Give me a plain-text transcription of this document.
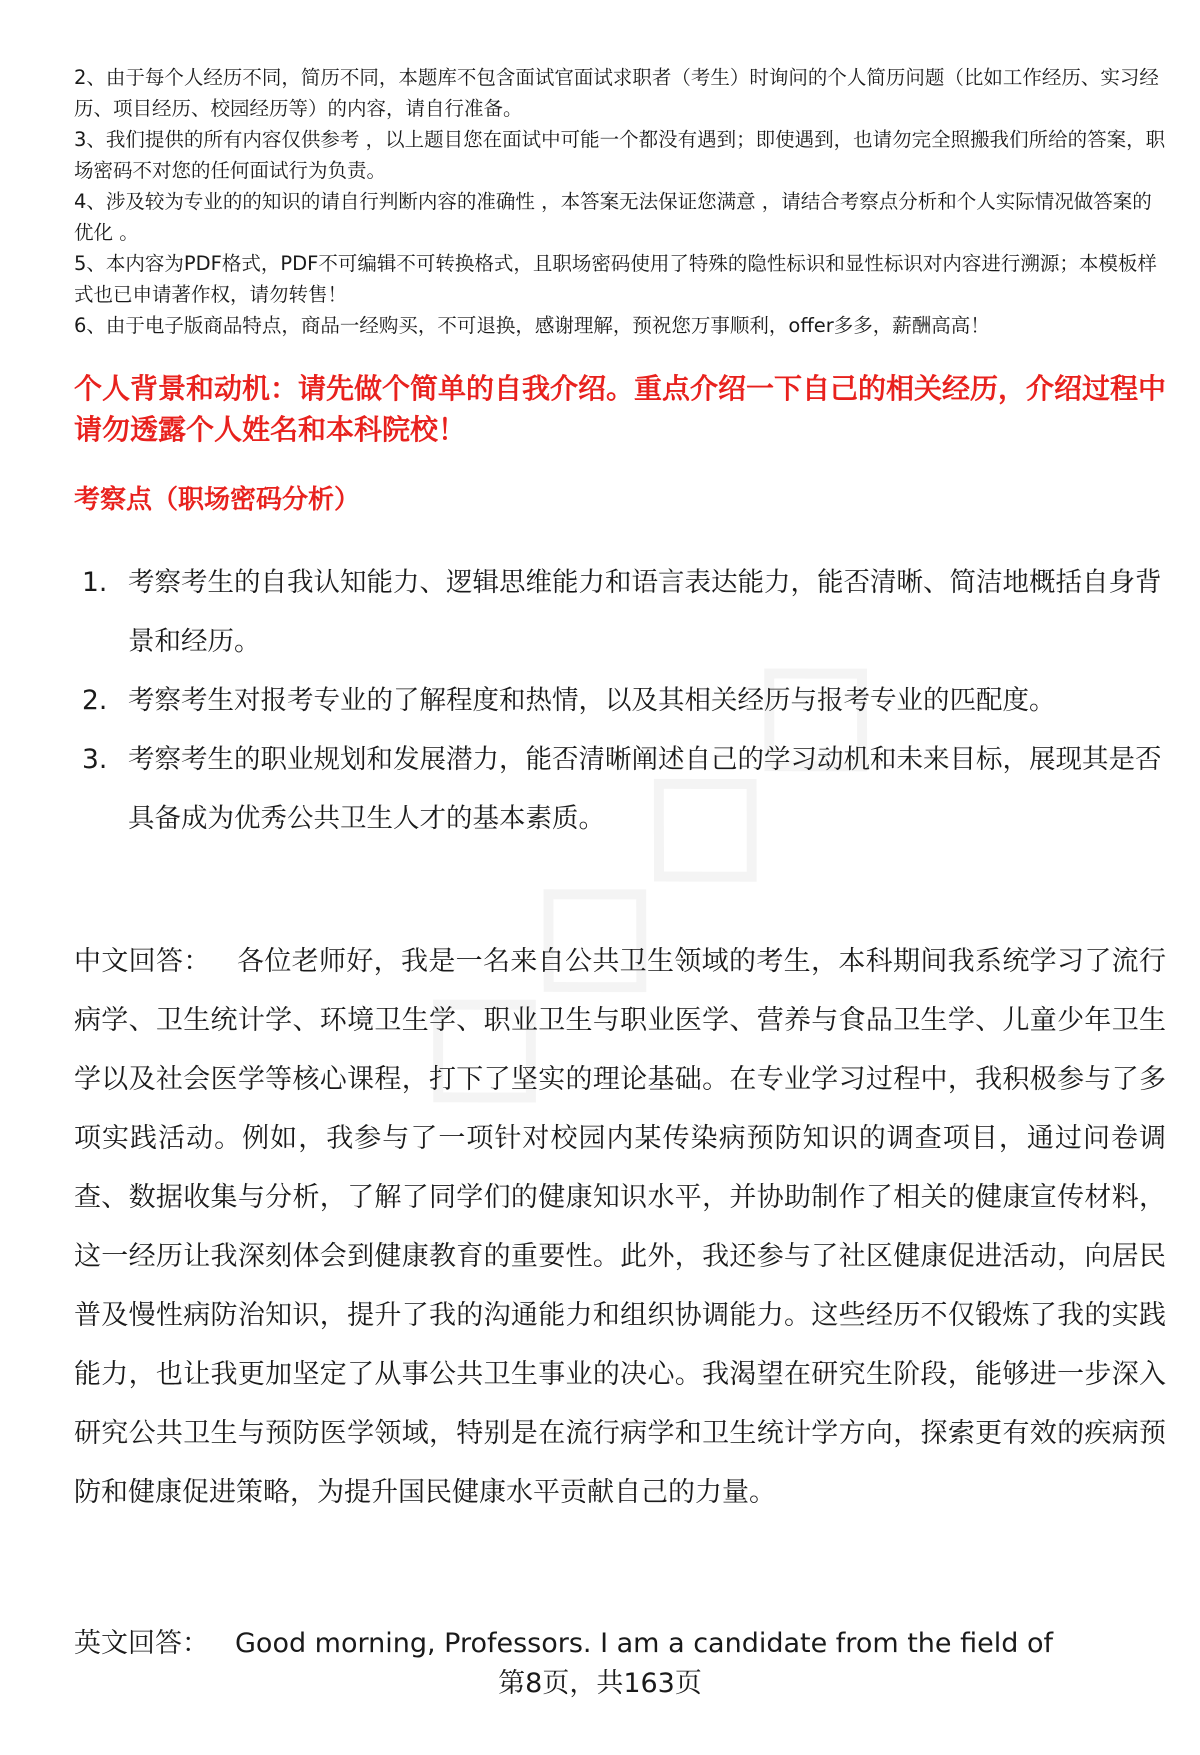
2、由于每个人经历不同，简历不同，本题库不包含面试官面试求职者（考生）时询问的个人简历问题（比如工作经历、实习经历、项目经历、校园经历等）的内容，请自行准备。

3、我们提供的所有内容仅供参考 ，以上题目您在面试中可能一个都没有遇到；即使遇到，也请勿完全照搬我们所给的答案，职场密码不对您的任何面试行为负责。

4、涉及较为专业的的知识的请自行判断内容的准确性 ，本答案无法保证您满意 ，请结合考察点分析和个人实际情况做答案的优化 。

5、本内容为PDF格式，PDF不可编辑不可转换格式，且职场密码使用了特殊的隐性标识和显性标识对内容进行溯源；本模板样式也已申请著作权，请勿转售！

6、由于电子版商品特点，商品一经购买，不可退换，感谢理解，预祝您万事顺利，offer多多，薪酬高高！

个人背景和动机：请先做个简单的自我介绍。重点介绍一下自己的相关经历，介绍过程中请勿透露个人姓名和本科院校！
考察点（职场密码分析）
1. 考察考生的自我认知能力、逻辑思维能力和语言表达能力，能否清晰、简洁地概括自身背景和经历。
2. 考察考生对报考专业的了解程度和热情，以及其相关经历与报考专业的匹配度。
3. 考察考生的职业规划和发展潜力，能否清晰阐述自己的学习动机和未来目标，展现其是否具备成为优秀公共卫生人才的基本素质。

中文回答： 各位老师好，我是一名来自公共卫生领域的考生，本科期间我系统学习了流行病学、卫生统计学、环境卫生学、职业卫生与职业医学、营养与食品卫生学、儿童少年卫生学以及社会医学等核心课程，打下了坚实的理论基础。在专业学习过程中，我积极参与了多项实践活动。例如，我参与了一项针对校园内某传染病预防知识的调查项目，通过问卷调查、数据收集与分析，了解了同学们的健康知识水平，并协助制作了相关的健康宣传材料，这一经历让我深刻体会到健康教育的重要性。此外，我还参与了社区健康促进活动，向居民普及慢性病防治知识，提升了我的沟通能力和组织协调能力。这些经历不仅锻炼了我的实践能力，也让我更加坚定了从事公共卫生事业的决心。我渴望在研究生阶段，能够进一步深入研究公共卫生与预防医学领域，特别是在流行病学和卫生统计学方向，探索更有效的疾病预防和健康促进策略，为提升国民健康水平贡献自己的力量。

英文回答： Good morning, Professors. I am a candidate from the field of

第8页，共163页
